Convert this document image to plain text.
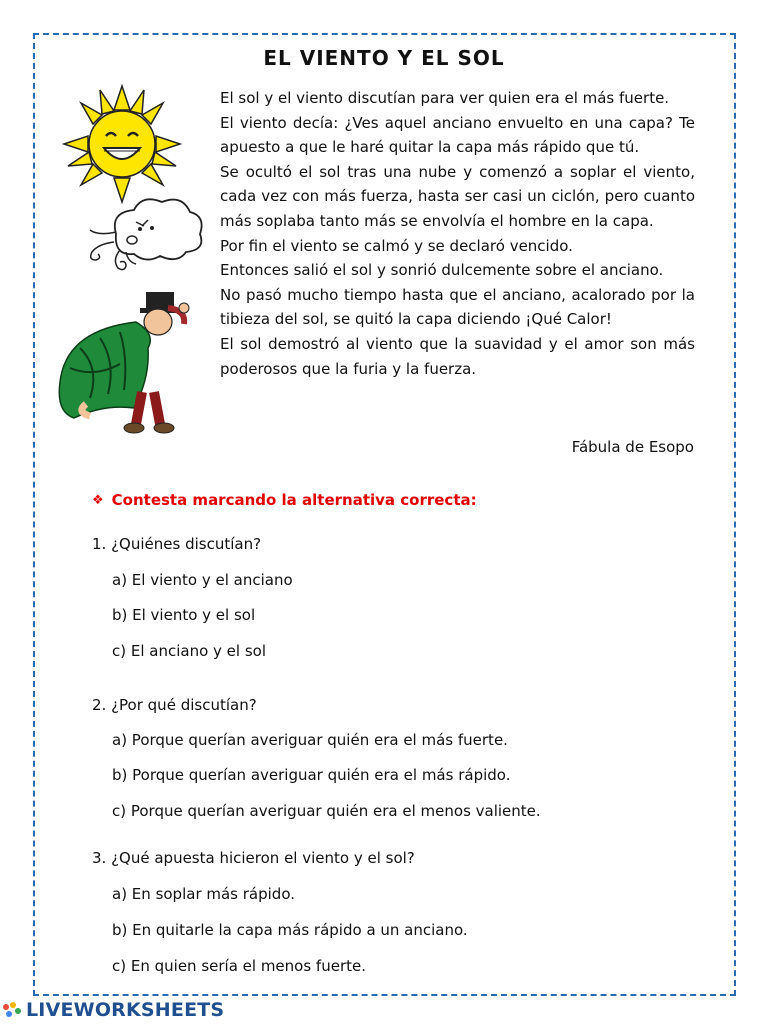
EL VIENTO Y EL SOL

El sol y el viento discutían para ver quien era el más fuerte.

El viento decía: ¿Ves aquel anciano envuelto en una capa? Te apuesto a que le haré quitar la capa más rápido que tú.

Se ocultó el sol tras una nube y comenzó a soplar el viento, cada vez con más fuerza, hasta ser casi un ciclón, pero cuanto más soplaba tanto más se envolvía el hombre en la capa.

Por fin el viento se calmó y se declaró vencido.

Entonces salió el sol y sonrió dulcemente sobre el anciano.

No pasó mucho tiempo hasta que el anciano, acalorado por la tibieza del sol, se quitó la capa diciendo ¡Qué Calor!

El sol demostró al viento que la suavidad y el amor son más poderosos que la furia y la fuerza.

Fábula de Esopo
❖ Contesta marcando la alternativa correcta:
1. ¿Quiénes discutían?
a) El viento y el anciano
b) El viento y el sol
c) El anciano y el sol
2. ¿Por qué discutían?
a) Porque querían averiguar quién era el más fuerte.
b) Porque querían averiguar quién era el más rápido.
c) Porque querían averiguar quién era el menos valiente.
3. ¿Qué apuesta hicieron el viento y el sol?
a) En soplar más rápido.
b) En quitarle la capa más rápido a un anciano.
c) En quien sería el menos fuerte.
LIVEWORKSHEETS
